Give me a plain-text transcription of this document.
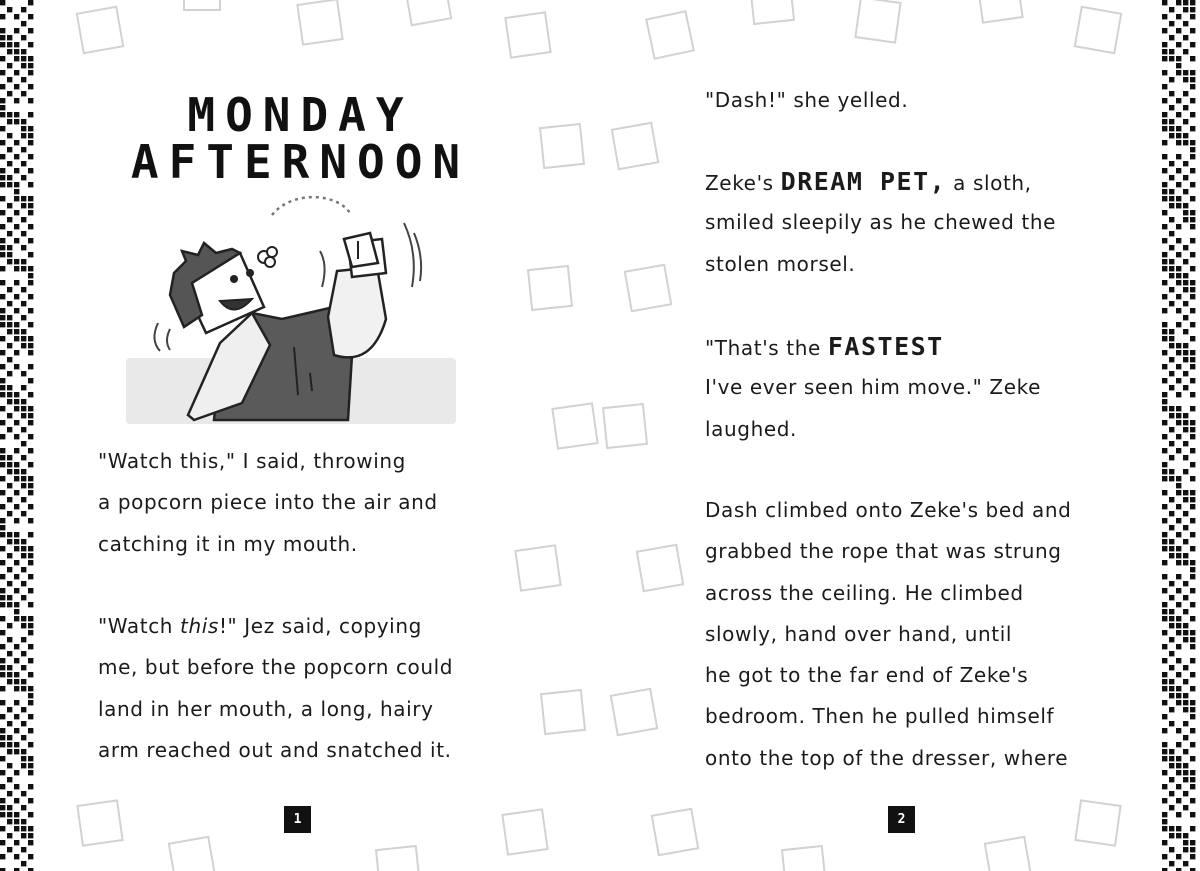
MONDAY
AFTERNOON
"Watch this," I said, throwing
a popcorn piece into the air and
catching it in my mouth.
"Watch this!" Jez said, copying
me, but before the popcorn could
land in her mouth, a long, hairy
arm reached out and snatched it.
1
"Dash!" she yelled.
Zeke's DREAM PET, a sloth,
smiled sleepily as he chewed the
stolen morsel.
"That's the FASTEST
I've ever seen him move." Zeke
laughed.
Dash climbed onto Zeke's bed and
grabbed the rope that was strung
across the ceiling. He climbed
slowly, hand over hand, until
he got to the far end of Zeke's
bedroom. Then he pulled himself
onto the top of the dresser, where
2
